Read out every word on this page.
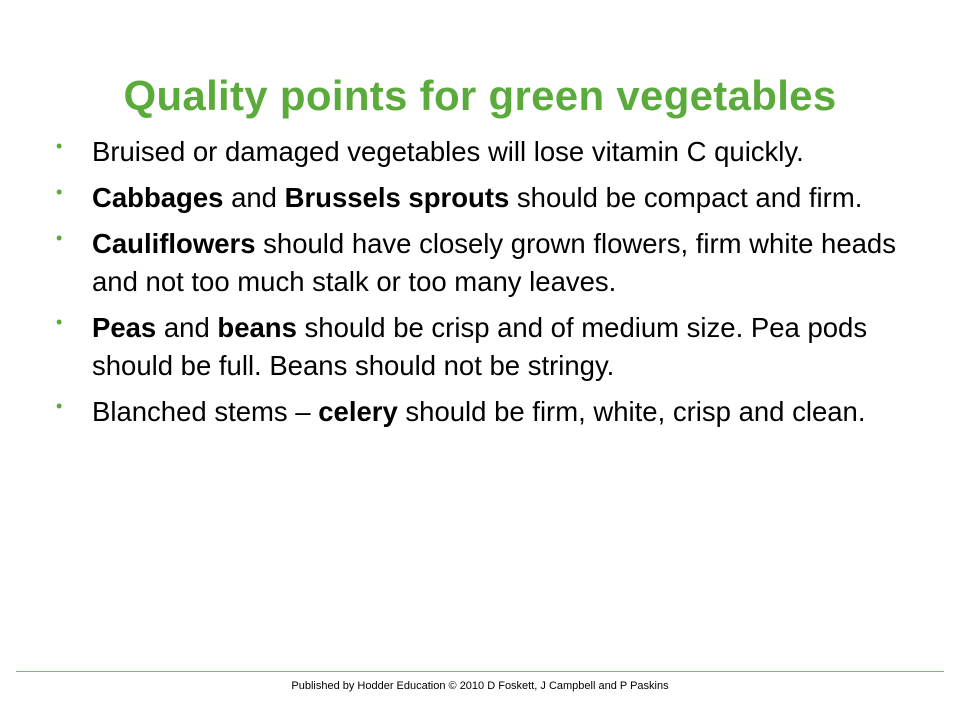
Quality points for green vegetables
• Bruised or damaged vegetables will lose vitamin C quickly.
• Cabbages and Brussels sprouts should be compact and firm.
• Cauliflowers should have closely grown flowers, firm white heads and not too much stalk or too many leaves.
• Peas and beans should be crisp and of medium size. Pea pods should be full. Beans should not be stringy.
• Blanched stems – celery should be firm, white, crisp and clean.
Published by Hodder Education © 2010 D Foskett, J Campbell and P Paskins
